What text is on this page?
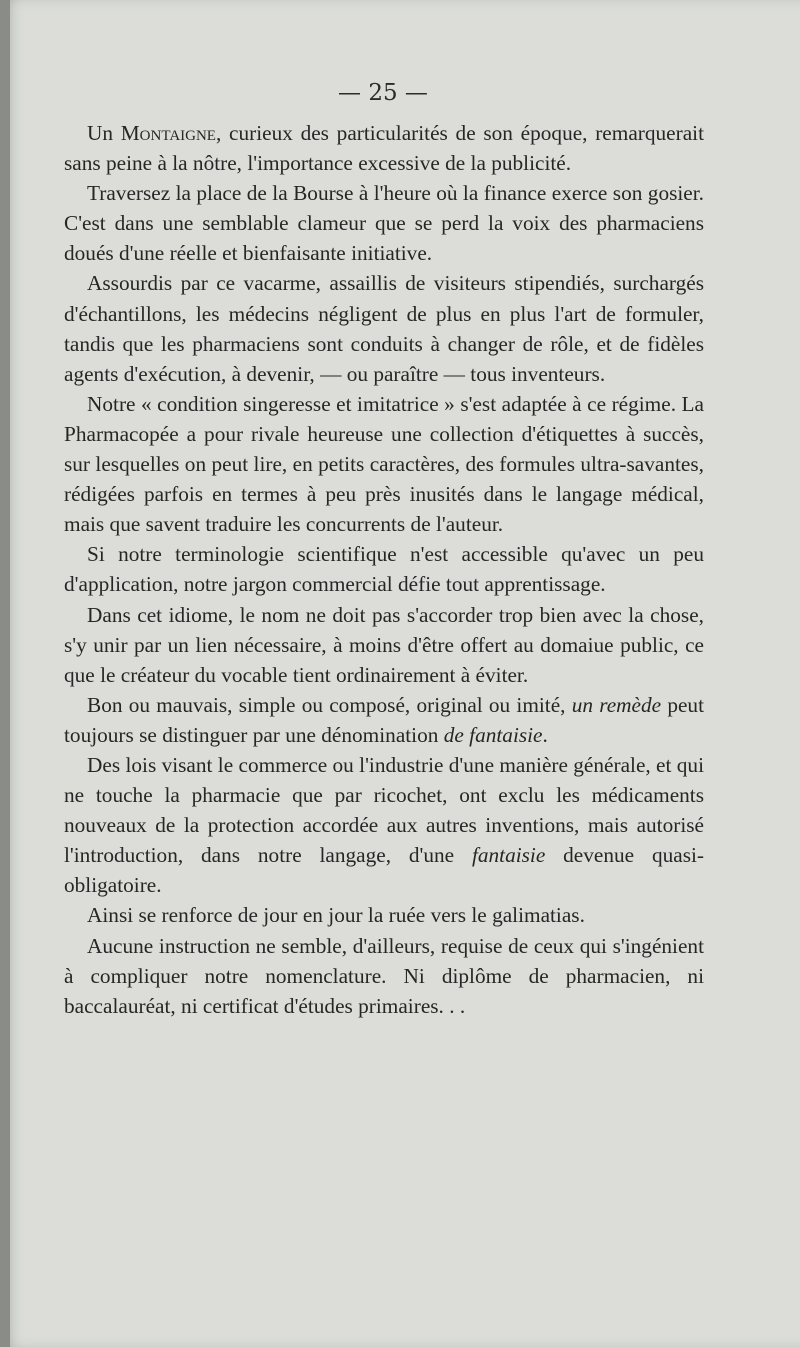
— 25 —

Un Montaigne, curieux des particularités de son époque, remarquerait sans peine à la nôtre, l'importance excessive de la publicité.

Traversez la place de la Bourse à l'heure où la finance exerce son gosier. C'est dans une semblable clameur que se perd la voix des pharmaciens doués d'une réelle et bienfaisante initiative.

Assourdis par ce vacarme, assaillis de visiteurs stipendiés, surchargés d'échantillons, les médecins négligent de plus en plus l'art de formuler, tandis que les pharmaciens sont conduits à changer de rôle, et de fidèles agents d'exécution, à devenir, — ou paraître — tous inventeurs.

Notre « condition singeresse et imitatrice » s'est adaptée à ce régime. La Pharmacopée a pour rivale heureuse une collection d'étiquettes à succès, sur lesquelles on peut lire, en petits caractères, des formules ultra-savantes, rédigées parfois en termes à peu près inusités dans le langage médical, mais que savent traduire les concurrents de l'auteur.

Si notre terminologie scientifique n'est accessible qu'avec un peu d'application, notre jargon commercial défie tout apprentissage.

Dans cet idiome, le nom ne doit pas s'accorder trop bien avec la chose, s'y unir par un lien nécessaire, à moins d'être offert au domaiue public, ce que le créateur du vocable tient ordinairement à éviter.

Bon ou mauvais, simple ou composé, original ou imité, un remède peut toujours se distinguer par une dénomination de fantaisie.

Des lois visant le commerce ou l'industrie d'une manière générale, et qui ne touche la pharmacie que par ricochet, ont exclu les médicaments nouveaux de la protection accordée aux autres inventions, mais autorisé l'introduction, dans notre langage, d'une fantaisie devenue quasi-obligatoire.

Ainsi se renforce de jour en jour la ruée vers le galimatias.

Aucune instruction ne semble, d'ailleurs, requise de ceux qui s'ingénient à compliquer notre nomenclature. Ni diplôme de pharmacien, ni baccalauréat, ni certificat d'études primaires. . .
